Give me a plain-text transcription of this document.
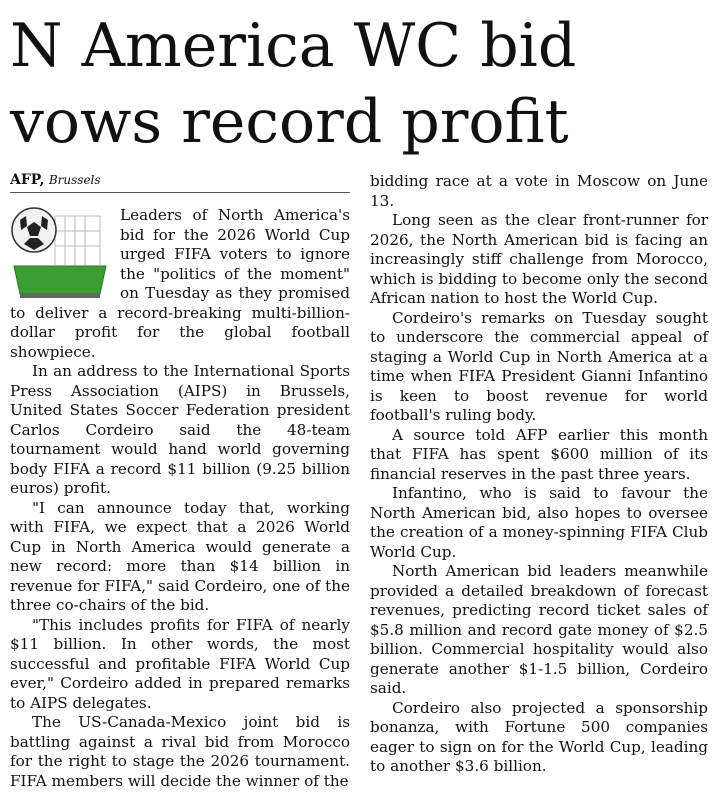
N America WC bid
vows record profit
AFP, Brussels

Leaders of North America's bid for the 2026 World Cup urged FIFA voters to ignore the "politics of the moment" on Tuesday as they promised to deliver a record-breaking multi-billion-dollar profit for the global football showpiece.

In an address to the International Sports Press Association (AIPS) in Brussels, United States Soccer Federation president Carlos Cordeiro said the 48-team tournament would hand world governing body FIFA a record $11 billion (9.25 billion euros) profit.

"I can announce today that, working with FIFA, we expect that a 2026 World Cup in North America would generate a new record: more than $14 billion in revenue for FIFA," said Cordeiro, one of the three co-chairs of the bid.

"This includes profits for FIFA of nearly $11 billion. In other words, the most successful and profitable FIFA World Cup ever," Cordeiro added in prepared remarks to AIPS delegates.

The US-Canada-Mexico joint bid is battling against a rival bid from Morocco for the right to stage the 2026 tournament. FIFA members will decide the winner of the

bidding race at a vote in Moscow on June 13.

Long seen as the clear front-runner for 2026, the North American bid is facing an increasingly stiff challenge from Morocco, which is bidding to become only the second African nation to host the World Cup.

Cordeiro's remarks on Tuesday sought to underscore the commercial appeal of staging a World Cup in North America at a time when FIFA President Gianni Infantino is keen to boost revenue for world football's ruling body.

A source told AFP earlier this month that FIFA has spent $600 million of its financial reserves in the past three years.

Infantino, who is said to favour the North American bid, also hopes to oversee the creation of a money-spinning FIFA Club World Cup.

North American bid leaders meanwhile provided a detailed breakdown of forecast revenues, predicting record ticket sales of $5.8 million and record gate money of $2.5 billion. Commercial hospitality would also generate another $1-1.5 billion, Cordeiro said.

Cordeiro also projected a sponsorship bonanza, with Fortune 500 companies eager to sign on for the World Cup, leading to another $3.6 billion.
